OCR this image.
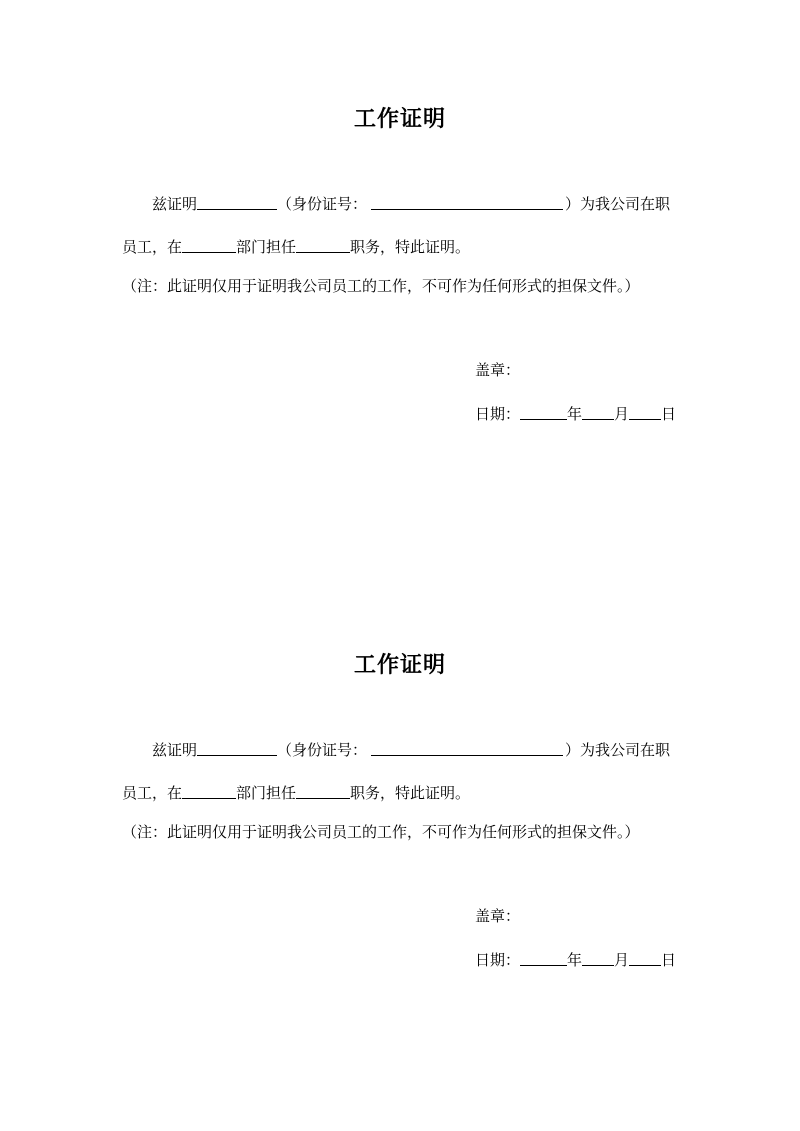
工作证明
兹证明	（身份证号：	）为我公司在职
员工，在	部门担任	职务，特此证明。
（注：此证明仅用于证明我公司员工的工作，不可作为任何形式的担保文件。）
盖章：
日期：	年 月 日
工作证明
兹证明	（身份证号：	）为我公司在职
员工，在	部门担任	职务，特此证明。
（注：此证明仅用于证明我公司员工的工作，不可作为任何形式的担保文件。）
盖章：
日期：	年 月 日
